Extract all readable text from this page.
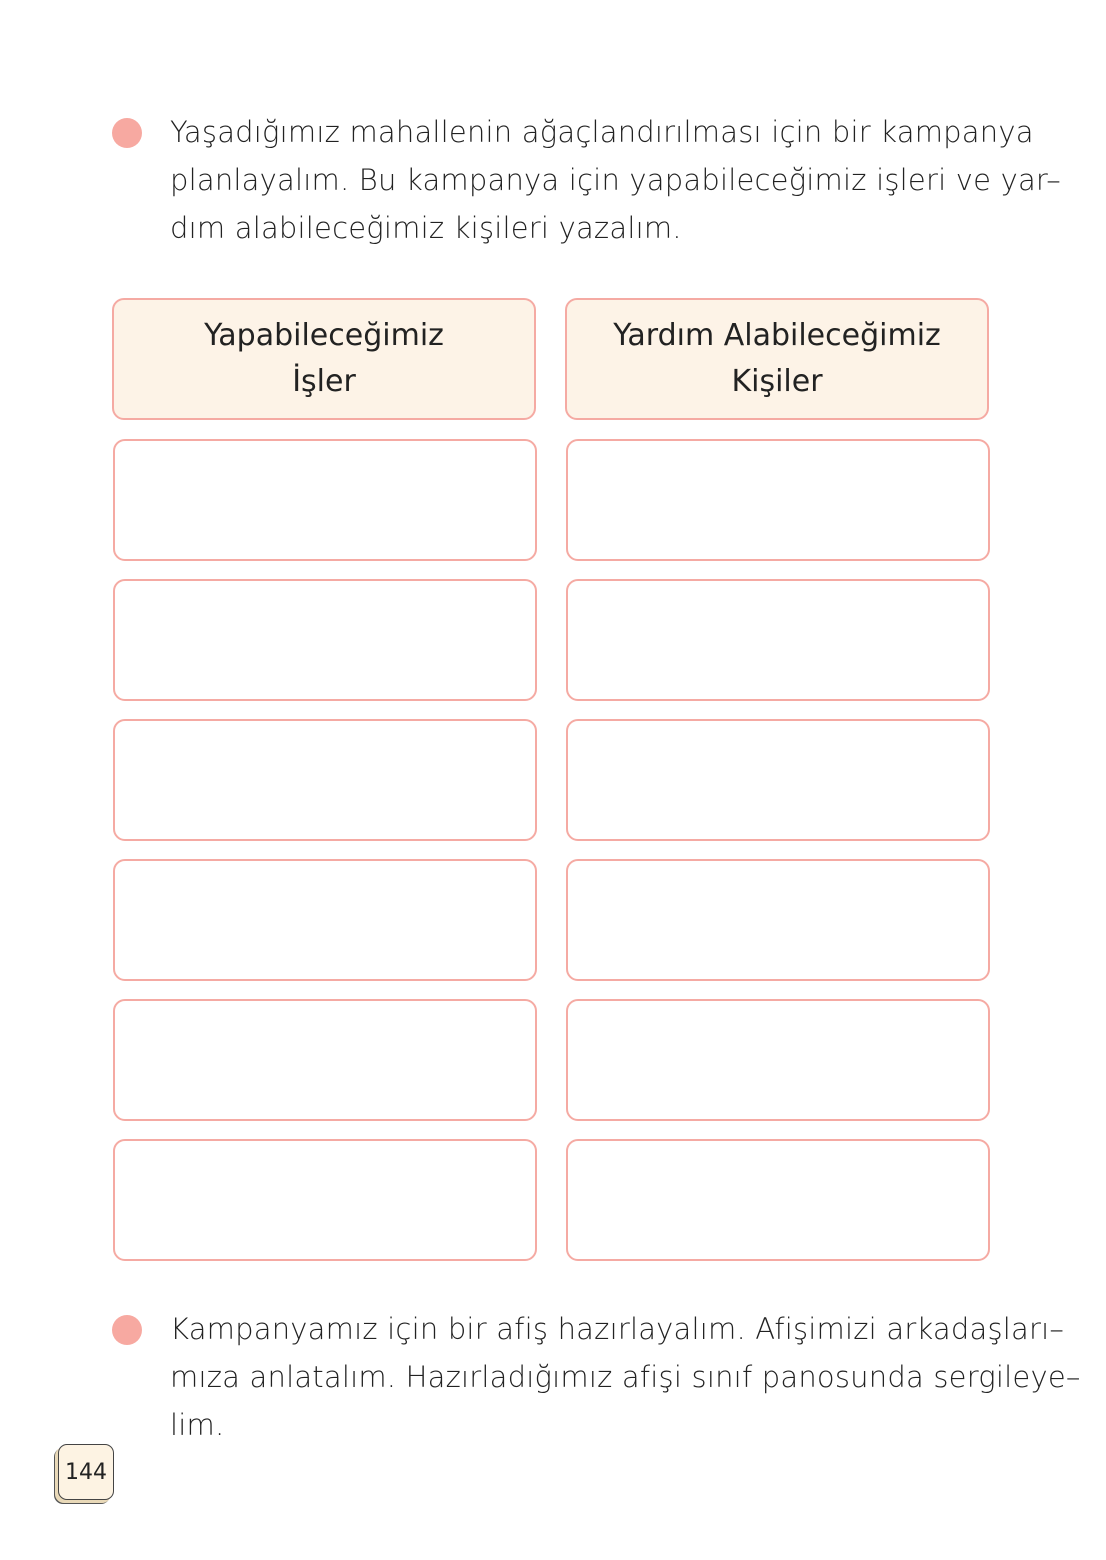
Yaşadığımız mahallenin ağaçlandırılması için bir kampanya
planlayalım. Bu kampanya için yapabileceğimiz işleri ve yar–
dım alabileceğimiz kişileri yazalım.
Yapabileceğimiz
İşler
Yardım Alabileceğimiz
Kişiler
Kampanyamız için bir afiş hazırlayalım. Afişimizi arkadaşları–
mıza anlatalım. Hazırladığımız afişi sınıf panosunda sergileye–
lim.
144
